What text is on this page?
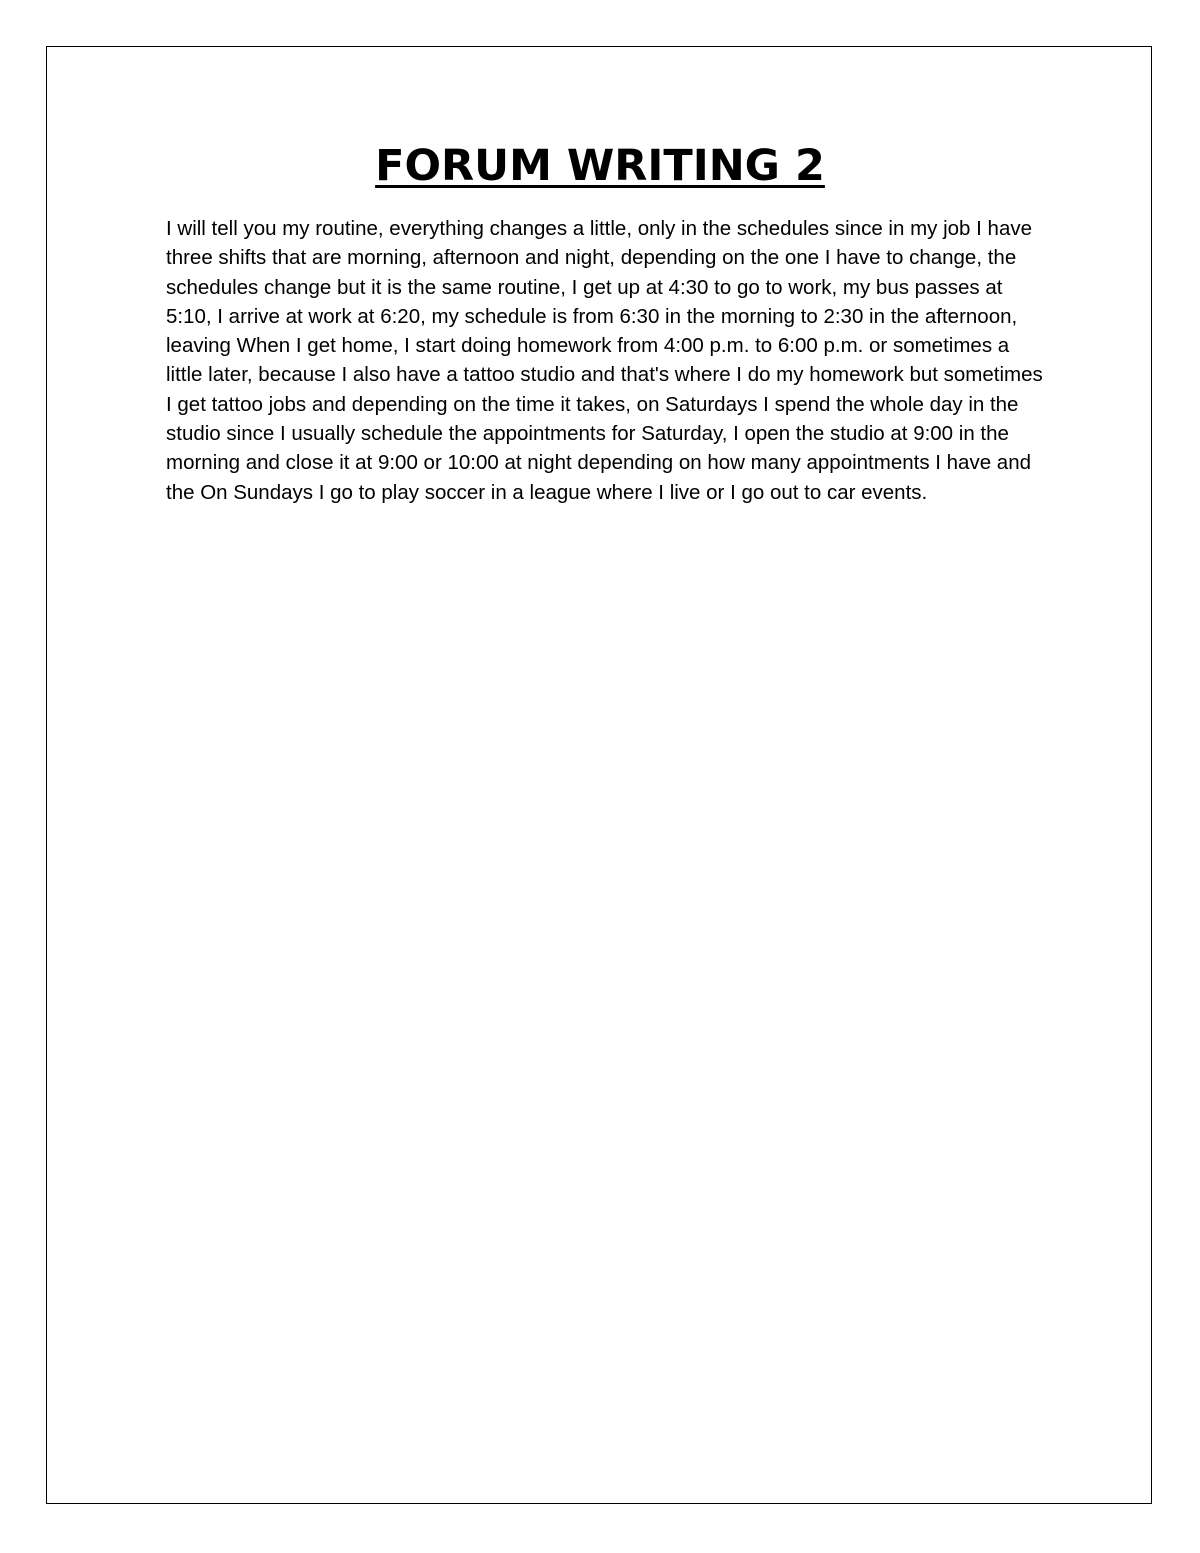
FORUM WRITING 2

I will tell you my routine, everything changes a little, only in the schedules since in my job I have three shifts that are morning, afternoon and night, depending on the one I have to change, the schedules change but it is the same routine, I get up at 4:30 to go to work, my bus passes at 5:10, I arrive at work at 6:20, my schedule is from 6:30 in the morning to 2:30 in the afternoon, leaving When I get home, I start doing homework from 4:00 p.m. to 6:00 p.m. or sometimes a little later, because I also have a tattoo studio and that's where I do my homework but sometimes I get tattoo jobs and depending on the time it takes, on Saturdays I spend the whole day in the studio since I usually schedule the appointments for Saturday, I open the studio at 9:00 in the morning and close it at 9:00 or 10:00 at night depending on how many appointments I have and the On Sundays I go to play soccer in a league where I live or I go out to car events.
